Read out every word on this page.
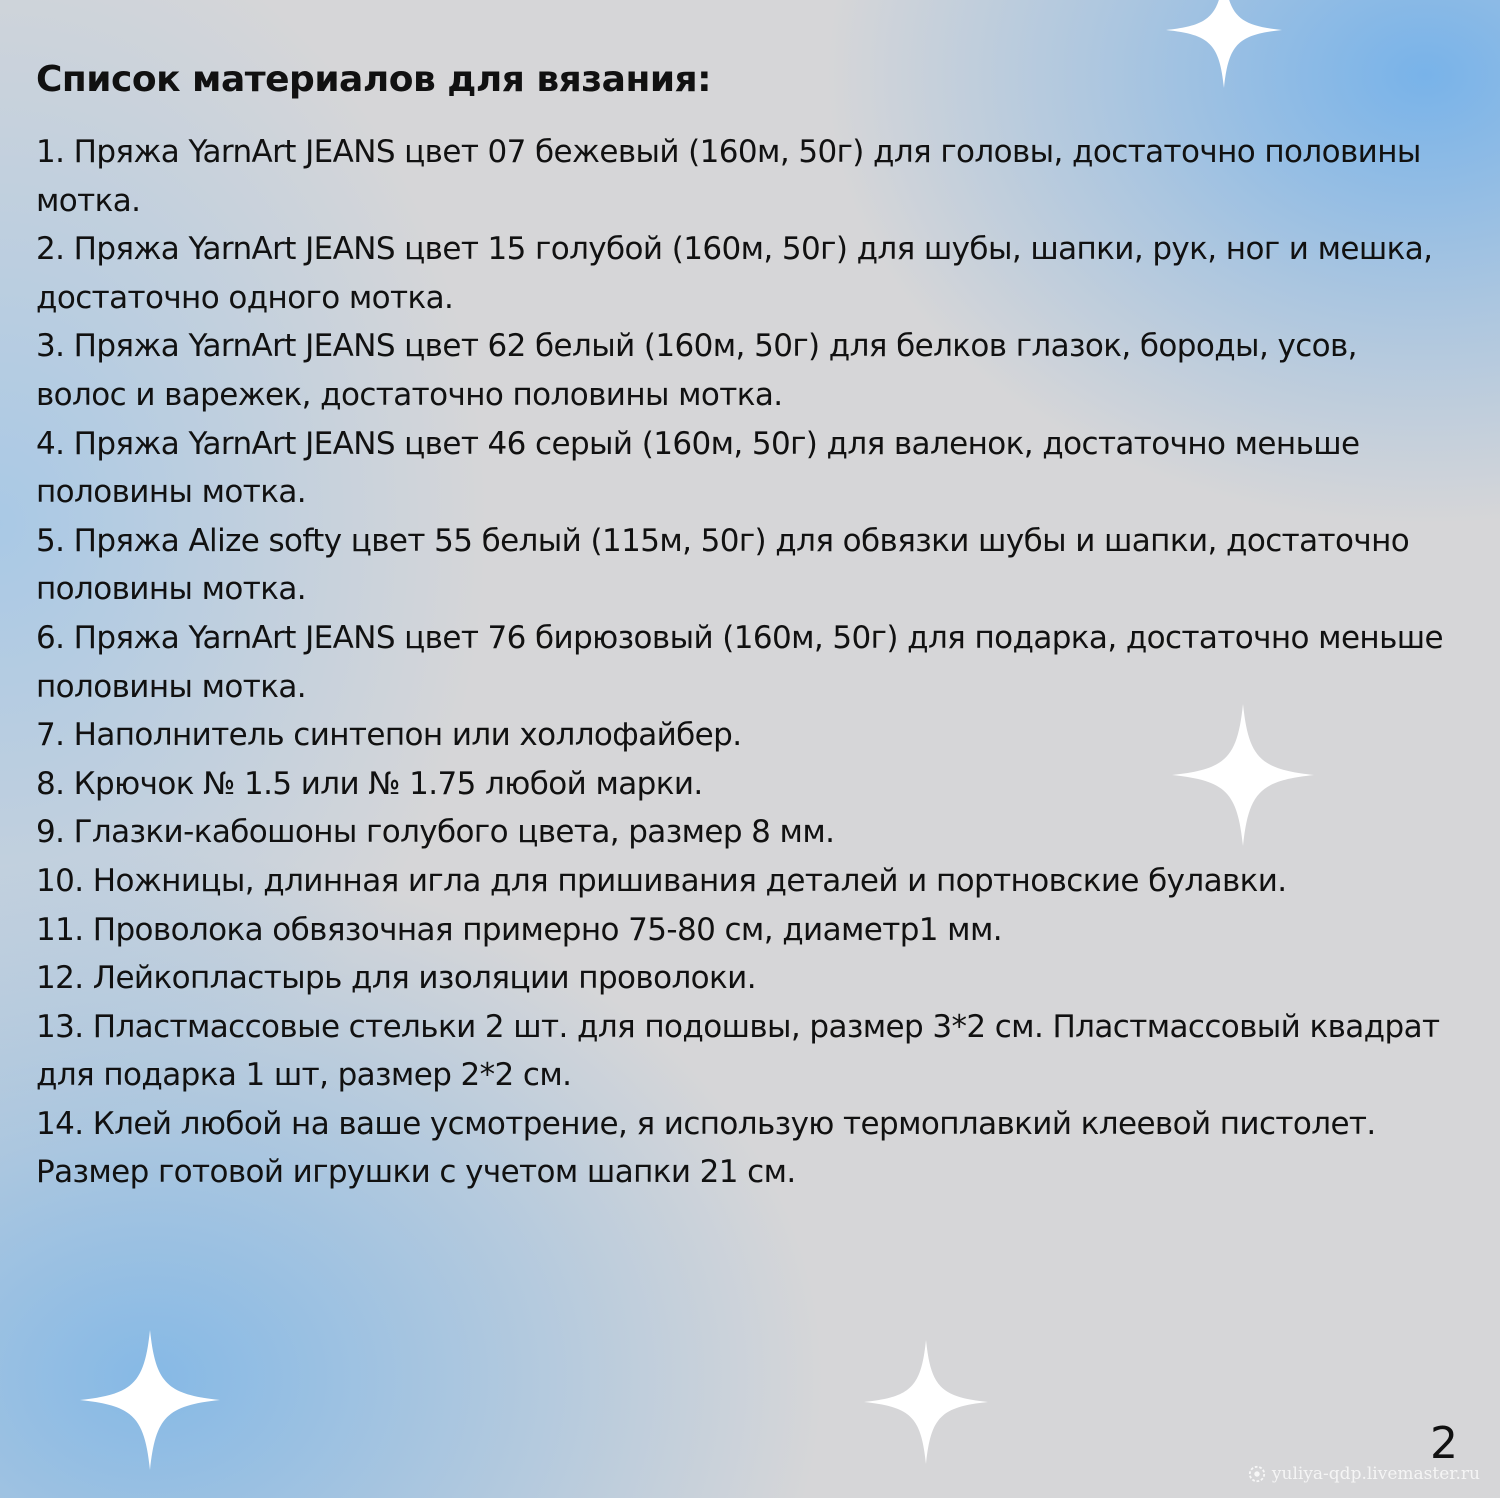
Список материалов для вязания:

1. Пряжа YarnArt JEANS цвет 07 бежевый (160м, 50г) для головы, достаточно половины мотка.

2. Пряжа YarnArt JEANS цвет 15 голубой (160м, 50г) для шубы, шапки, рук, ног и мешка, достаточно одного мотка.

3. Пряжа YarnArt JEANS цвет 62 белый (160м, 50г) для белков глазок, бороды, усов, волос и варежек, достаточно половины мотка.

4. Пряжа YarnArt JEANS цвет 46 серый (160м, 50г) для валенок, достаточно меньше половины мотка.

5. Пряжа Alize softy цвет 55 белый (115м, 50г) для обвязки шубы и шапки, достаточно половины мотка.

6. Пряжа YarnArt JEANS цвет 76 бирюзовый (160м, 50г) для подарка, достаточно меньше половины мотка.

7. Наполнитель синтепон или холлофайбер.

8. Крючок № 1.5 или № 1.75 любой марки.

9. Глазки-кабошоны голубого цвета, размер 8 мм.

10. Ножницы, длинная игла для пришивания деталей и портновские булавки.

11. Проволока обвязочная примерно 75-80 см, диаметр1 мм.

12. Лейкопластырь для изоляции проволоки.

13. Пластмассовые стельки 2 шт. для подошвы, размер 3*2 см. Пластмассовый квадрат для подарка 1 шт, размер 2*2 см.

14. Клей любой на ваше усмотрение, я использую термоплавкий клеевой пистолет.

Размер готовой игрушки с учетом шапки 21 см.

2
yuliya-qdp.livemaster.ru
